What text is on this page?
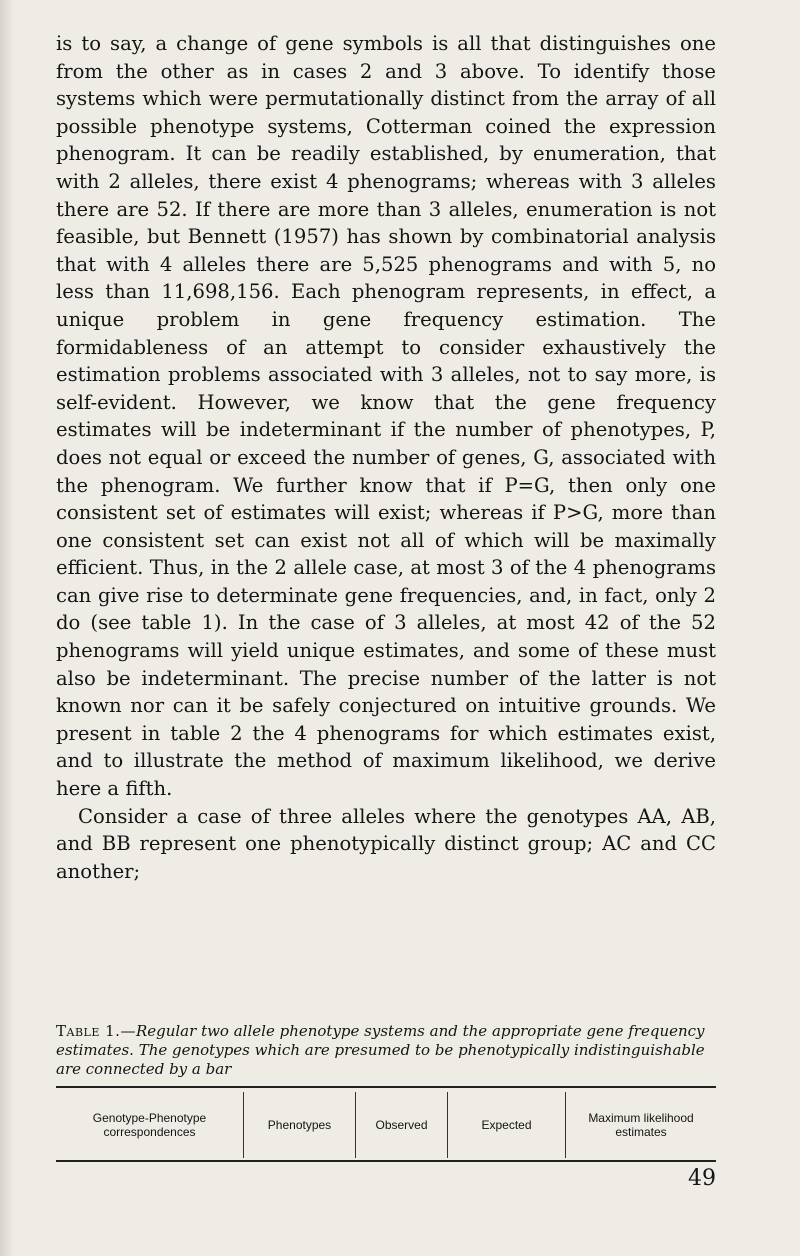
is to say, a change of gene symbols is all that distinguishes one from the other as in cases 2 and 3 above. To identify those systems which were permutationally distinct from the array of all possible phenotype systems, Cotterman coined the expression phenogram. It can be readily established, by enumeration, that with 2 alleles, there exist 4 phenograms; whereas with 3 alleles there are 52. If there are more than 3 alleles, enumeration is not feasible, but Bennett (1957) has shown by combinatorial analysis that with 4 alleles there are 5,525 phenograms and with 5, no less than 11,698,156. Each phenogram represents, in effect, a unique problem in gene frequency estimation. The formidableness of an attempt to consider exhaustively the estimation problems associated with 3 alleles, not to say more, is self-evident. However, we know that the gene frequency estimates will be indeterminant if the number of phenotypes, P, does not equal or exceed the number of genes, G, associated with the phenogram. We further know that if P=G, then only one consistent set of estimates will exist; whereas if P>G, more than one consistent set can exist not all of which will be maximally efficient. Thus, in the 2 allele case, at most 3 of the 4 phenograms can give rise to determinate gene frequencies, and, in fact, only 2 do (see table 1). In the case of 3 alleles, at most 42 of the 52 phenograms will yield unique estimates, and some of these must also be indeterminant. The precise number of the latter is not known nor can it be safely conjectured on intuitive grounds. We present in table 2 the 4 phenograms for which estimates exist, and to illustrate the method of maximum likelihood, we derive here a fifth.

Consider a case of three alleles where the genotypes AA, AB, and BB represent one phenotypically distinct group; AC and CC another;

Table 1.—Regular two allele phenotype systems and the appropriate gene frequency estimates. The genotypes which are presumed to be phenotypically indistinguishable are connected by a bar
Genotype-Phenotype correspondences	Phenotypes	Observed	Expected	Maximum likelihood estimates
49
